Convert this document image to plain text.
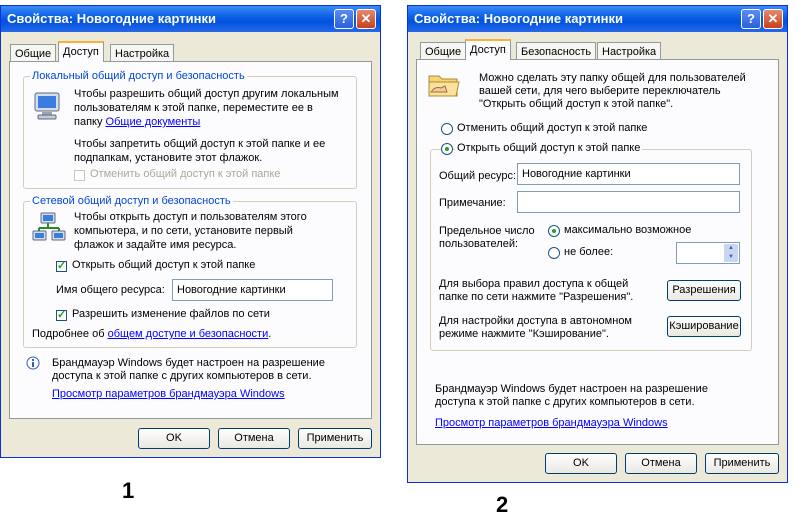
Свойства: Новогодние картинки	? ✕
Общие	Доступ	Настройка
Локальный общий доступ и безопасность
Чтобы разрешить общий доступ другим локальным
пользователям к этой папке, переместите ее в
папку Общие документы
Чтобы запретить общий доступ к этой папке и ее
подпапкам, установите этот флажок.
Отменить общий доступ к этой папке
Сетевой общий доступ и безопасность
Чтобы открыть доступ и пользователям этого
компьютера, и по сети, установите первый
флажок и задайте имя ресурса.
✓
Открыть общий доступ к этой папке
Имя общего ресурса:	Новогодние картинки
✓
Разрешить изменение файлов по сети
Подробнее об общем доступе и безопасности.
Брандмауэр Windows будет настроен на разрешение
доступа к этой папке с других компьютеров в сети.
Просмотр параметров брандмауэра Windows
OK	Отмена	Применить
1
Свойства: Новогодние картинки	? ✕
Общие Доступ	Безопасность Настройка
Можно сделать эту папку общей для пользователей
вашей сети, для чего выберите переключатель
"Открыть общий доступ к этой папке".
Отменить общий доступ к этой папке
Открыть общий доступ к этой папке
Общий ресурс: Новогодние картинки
Примечание:
Предельное число
пользователей:
максимально возможное
не более:	▲
▼
Для выбора правил доступа к общей
папке по сети нажмите "Разрешения".
Разрешения
Для настройки доступа в автономном
режиме нажмите "Кэширование".
Кэширование
Брандмауэр Windows будет настроен на разрешение
доступа к этой папке с других компьютеров в сети.
Просмотр параметров брандмауэра Windows
OK	Отмена	Применить
2
